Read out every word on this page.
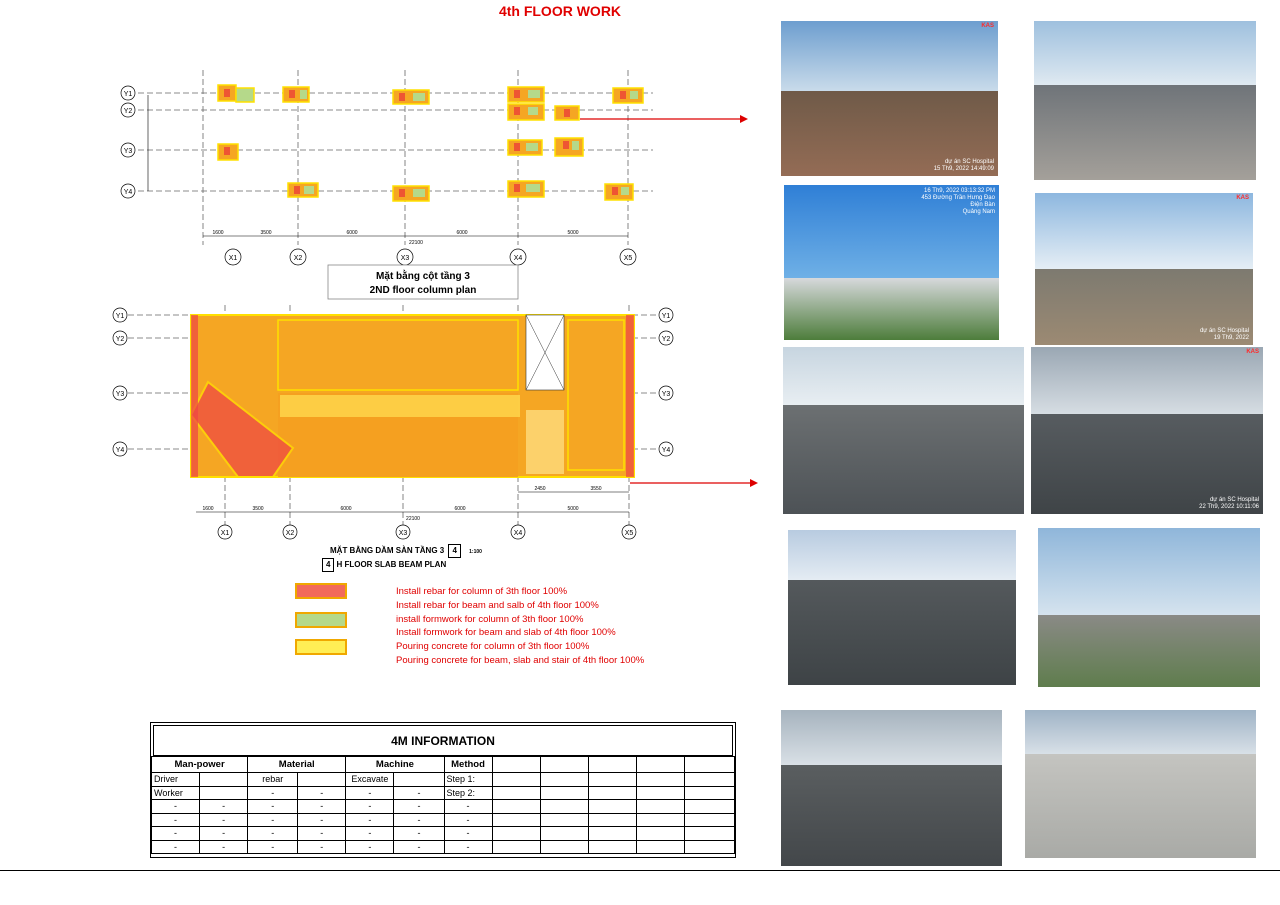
4th FLOOR WORK
Y1
Y2
Y3
Y4
X1	X2	X3	X4	X5
1600	3500	6000	6000	5000
22100
Mặt bằng cột tầng 3
2ND floor column plan
Y1
Y2
Y3
Y4
Y1
Y2
Y3
Y4
X1	X2	X3	X4	X5
1600	3500	6000	6000	5000
22100
2450	3550
MẶT BẰNG DẦM SÀN TẦNG 3 4 1:100
4 H FLOOR SLAB BEAM PLAN
Install rebar for column of 3th floor 100%
Install rebar for beam and salb of 4th floor 100%
install formwork for column of 3th floor 100%
Install formwork for beam and slab of 4th floor 100%
Pouring concrete for column of 3th floor 100%
Pouring concrete for beam, slab and stair of 4th floor 100%
4M INFORMATION
Man-power		Material		Machine		Method					
Driver		rebar		Excavate		Step 1:					
Worker		-	-	-	-	Step 2:					
-	-	-	-	-	-	-					
-	-	-	-	-	-	-					
-	-	-	-	-	-	-					
-	-	-	-	-	-	-					
KAS
dự án SC Hospital
15 Th9, 2022 14:49:09
16 Th9, 2022 03:13:32 PM
453 Đường Trần Hưng Đạo
Điện Bàn
Quảng Nam
KAS
dự án SC Hospital
19 Th9, 2022
KAS
dự án SC Hospital
22 Th9, 2022 10:11:06
